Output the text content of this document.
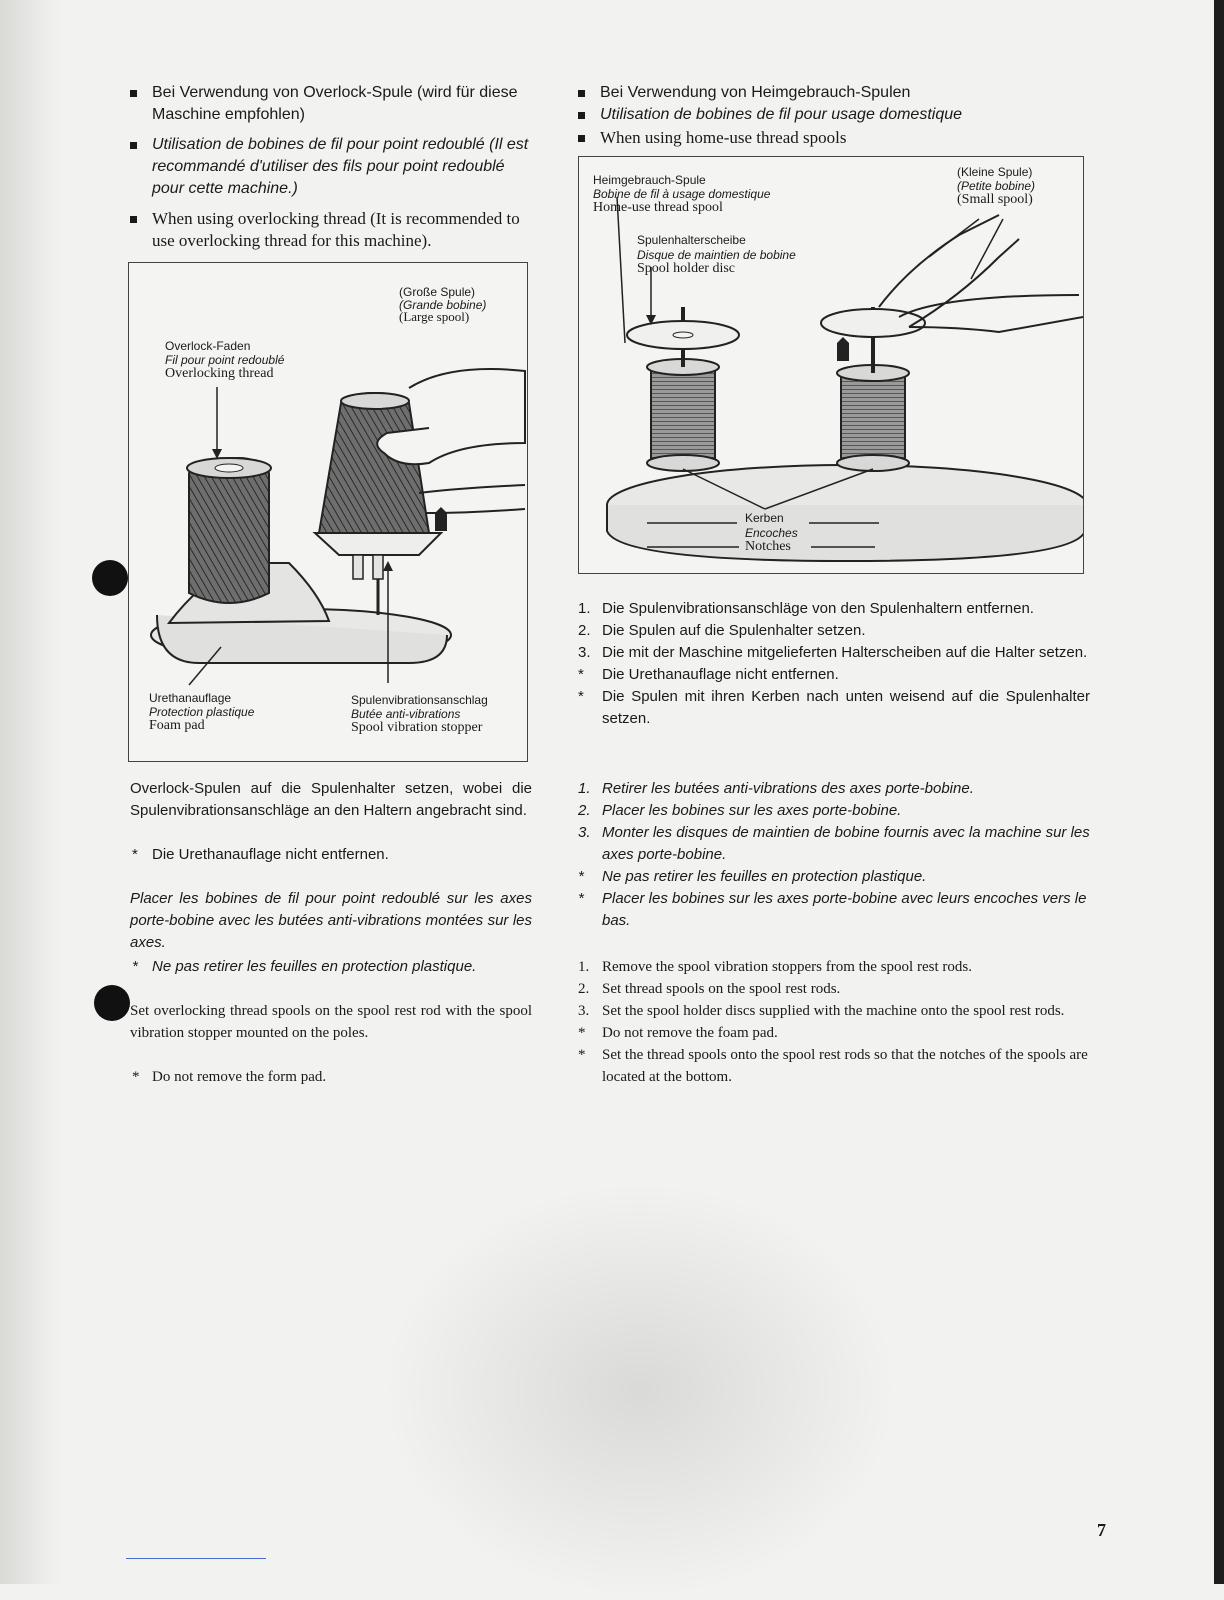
Bei Verwendung von Overlock-Spule (wird für diese Maschine empfohlen)
Utilisation de bobines de fil pour point redoublé (Il est recommandé d'utiliser des fils pour point redoublé pour cette machine.)
When using overlocking thread (It is recommended to use overlocking thread for this machine).
(Große Spule)
(Grande bobine)
(Large spool)
Overlock-Faden
Fil pour point redoublé
Overlocking thread
Urethanauflage
Protection plastique
Foam pad
Spulenvibrationsanschlag
Butée anti-vibrations
Spool vibration stopper
Overlock-Spulen auf die Spulenhalter setzen, wobei die Spulenvibrationsanschläge an den Haltern angebracht sind.
* Die Urethanauflage nicht entfernen.
Placer les bobines de fil pour point redoublé sur les axes porte-bobine avec les butées anti-vibrations montées sur les axes.
* Ne pas retirer les feuilles en protection plastique.
Set overlocking thread spools on the spool rest rod with the spool vibration stopper mounted on the poles.
* Do not remove the form pad.
Bei Verwendung von Heimgebrauch-Spulen
Utilisation de bobines de fil pour usage domestique
When using home-use thread spools
Heimgebrauch-Spule
Bobine de fil à usage domestique
Home-use thread spool
(Kleine Spule)
(Petite bobine)
(Small spool)
Spulenhalterscheibe
Disque de maintien de bobine
Spool holder disc
Kerben
Encoches
Notches
1. Die Spulenvibrationsanschläge von den Spulenhaltern entfernen.
2. Die Spulen auf die Spulenhalter setzen.
3. Die mit der Maschine mitgelieferten Halterscheiben auf die Halter setzen.
* Die Urethanauflage nicht entfernen.
* Die Spulen mit ihren Kerben nach unten weisend auf die Spulenhalter setzen.
1. Retirer les butées anti-vibrations des axes porte-bobine.
2. Placer les bobines sur les axes porte-bobine.
3. Monter les disques de maintien de bobine fournis avec la machine sur les axes porte-bobine.
* Ne pas retirer les feuilles en protection plastique.
* Placer les bobines sur les axes porte-bobine avec leurs encoches vers le bas.
1. Remove the spool vibration stoppers from the spool rest rods.
2. Set thread spools on the spool rest rods.
3. Set the spool holder discs supplied with the machine onto the spool rest rods.
* Do not remove the foam pad.
* Set the thread spools onto the spool rest rods so that the notches of the spools are located at the bottom.
7
